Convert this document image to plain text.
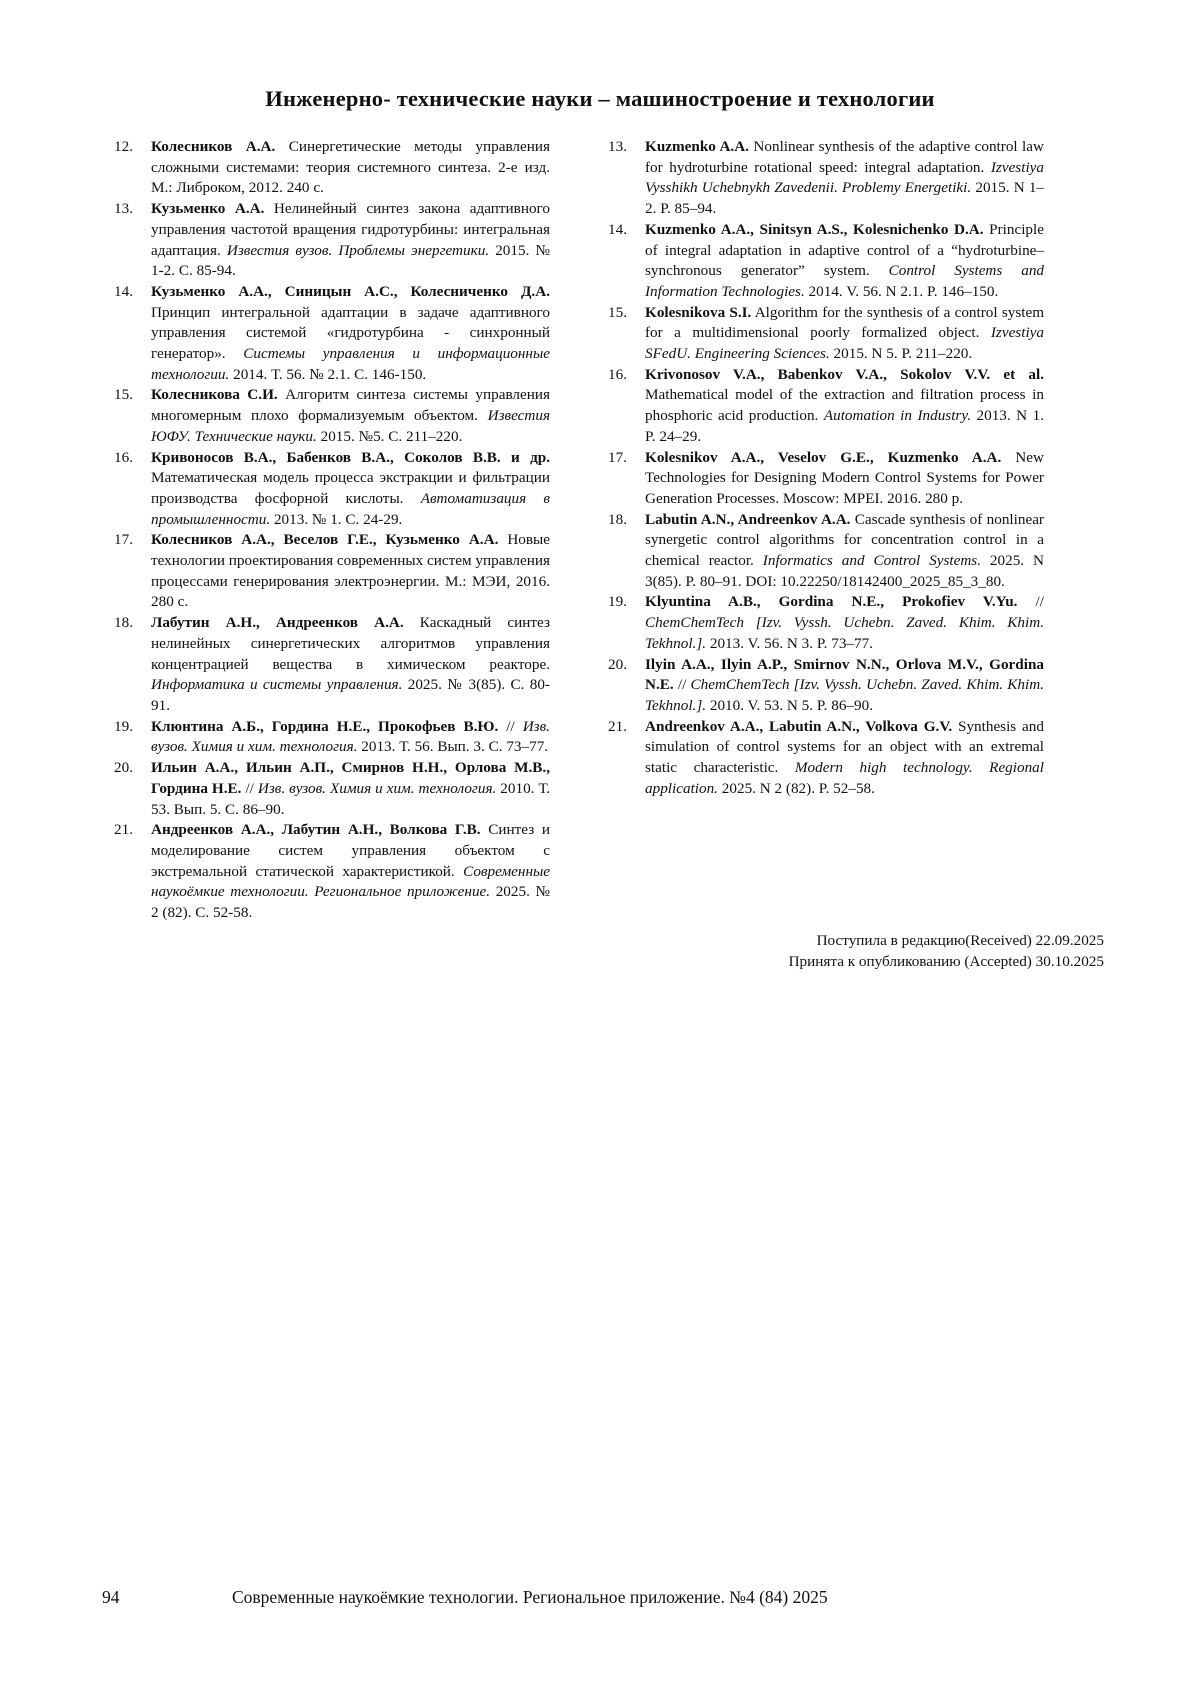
Инженерно- технические науки – машиностроение и технологии

12.	Колесников А.А. Синергетические методы управления сложными системами: теория системного синтеза. 2-е изд. М.: Либроком, 2012. 240 с.

13.	Кузьменко А.А. Нелинейный синтез закона адаптивного управления частотой вращения гидротурбины: интегральная адаптация. Известия вузов. Проблемы энергетики. 2015. № 1-2. С. 85-94.

14.	Кузьменко А.А., Синицын А.С., Колесниченко Д.А. Принцип интегральной адаптации в задаче адаптивного управления системой «гидротурбина - синхронный генератор». Системы управления и информационные технологии. 2014. Т. 56. № 2.1. С. 146-150.

15.	Колесникова С.И. Алгоритм синтеза системы управления многомерным плохо формализуемым объектом. Известия ЮФУ. Технические науки. 2015. №5. С. 211–220.

16.	Кривоносов В.А., Бабенков В.А., Соколов В.В. и др. Математическая модель процесса экстракции и фильтрации производства фосфорной кислоты. Автоматизация в промышленности. 2013. № 1. С. 24-29.

17.	Колесников А.А., Веселов Г.Е., Кузьменко А.А. Новые технологии проектирования современных систем управления процессами генерирования электроэнергии. М.: МЭИ, 2016. 280 с.

18.	Лабутин А.Н., Андреенков А.А. Каскадный синтез нелинейных синергетических алгоритмов управления концентрацией вещества в химическом реакторе. Информатика и системы управления. 2025. № 3(85). С. 80-91.

19.	Клюнтина А.Б., Гордина Н.Е., Прокофьев В.Ю. // Изв. вузов. Химия и хим. технология. 2013. Т. 56. Вып. 3. С. 73–77.

20.	Ильин А.А., Ильин А.П., Смирнов Н.Н., Орлова М.В., Гордина Н.Е. // Изв. вузов. Химия и хим. технология. 2010. Т. 53. Вып. 5. С. 86–90.

21.	Андреенков А.А., Лабутин А.Н., Волкова Г.В. Синтез и моделирование систем управления объектом с экстремальной статической характеристикой. Современные наукоёмкие технологии. Региональное приложение. 2025. № 2 (82). С. 52-58.

13.	Kuzmenko A.A. Nonlinear synthesis of the adaptive control law for hydroturbine rotational speed: integral adaptation. Izvestiya Vysshikh Uchebnykh Zavedenii. Problemy Energetiki. 2015. N 1–2. P. 85–94.

14.	Kuzmenko A.A., Sinitsyn A.S., Kolesnichenko D.A. Principle of integral adaptation in adaptive control of a “hydroturbine–synchronous generator” system. Control Systems and Information Technologies. 2014. V. 56. N 2.1. P. 146–150.

15.	Kolesnikova S.I. Algorithm for the synthesis of a control system for a multidimensional poorly formalized object. Izvestiya SFedU. Engineering Sciences. 2015. N 5. P. 211–220.

16.	Krivonosov V.A., Babenkov V.A., Sokolov V.V. et al. Mathematical model of the extraction and filtration process in phosphoric acid production. Automation in Industry. 2013. N 1. P. 24–29.

17.	Kolesnikov A.A., Veselov G.E., Kuzmenko A.A. New Technologies for Designing Modern Control Systems for Power Generation Processes. Moscow: MPEI. 2016. 280 p.

18.	Labutin A.N., Andreenkov A.A. Cascade synthesis of nonlinear synergetic control algorithms for concentration control in a chemical reactor. Informatics and Control Systems. 2025. N 3(85). P. 80–91. DOI: 10.22250/18142400_2025_85_3_80.

19.	Klyuntina A.B., Gordina N.E., Prokofiev V.Yu. // ChemChemTech [Izv. Vyssh. Uchebn. Zaved. Khim. Khim. Tekhnol.]. 2013. V. 56. N 3. P. 73–77.

20.	Ilyin A.A., Ilyin A.P., Smirnov N.N., Orlova M.V., Gordina N.E. // ChemChemTech [Izv. Vyssh. Uchebn. Zaved. Khim. Khim. Tekhnol.]. 2010. V. 53. N 5. P. 86–90.

21.	Andreenkov A.A., Labutin A.N., Volkova G.V. Synthesis and simulation of control systems for an object with an extremal static characteristic. Modern high technology. Regional application. 2025. N 2 (82). P. 52–58.

Поступила в редакцию(Received) 22.09.2025
Принята к опубликованию (Accepted) 30.10.2025
94	Современные наукоёмкие технологии. Региональное приложение. №4 (84) 2025
